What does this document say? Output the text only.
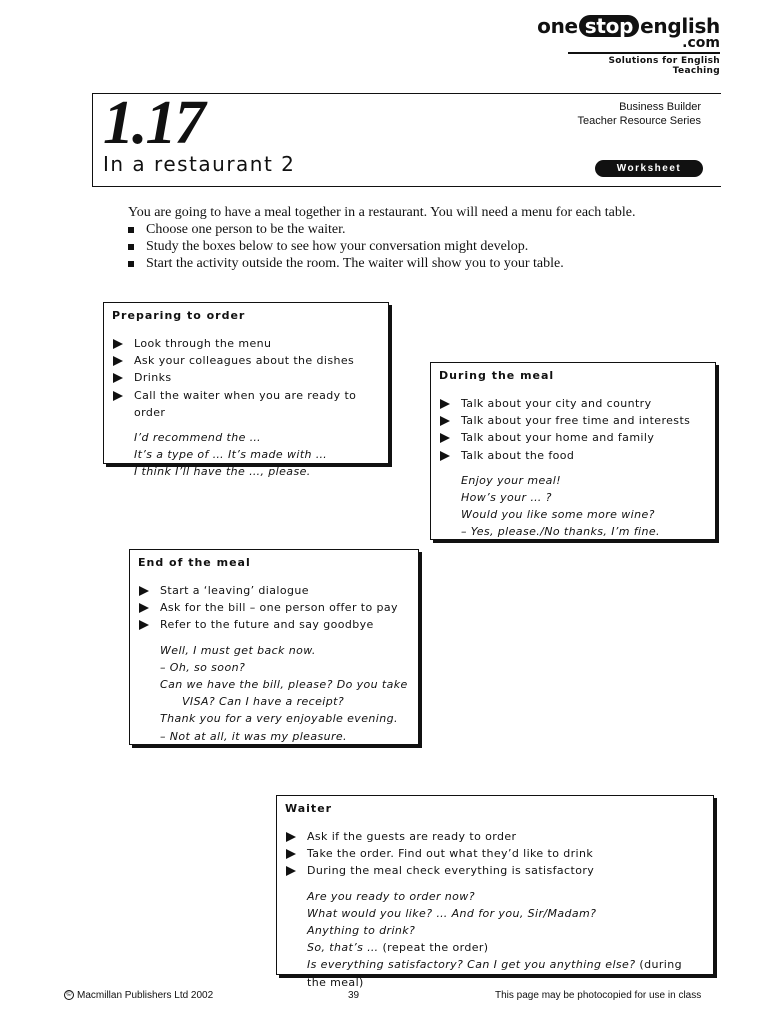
one stop english
.com
Solutions for English Teaching
1.17
In a restaurant 2
Business Builder
Teacher Resource Series
Worksheet
You are going to have a meal together in a restaurant. You will need a menu for each table.
Choose one person to be the waiter.
Study the boxes below to see how your conversation might develop.
Start the activity outside the room. The waiter will show you to your table.
Preparing to order
Look through the menu
Ask your colleagues about the dishes
Drinks
Call the waiter when you are ready to order
I’d recommend the …
It’s a type of … It’s made with …
I think I’ll have the …, please.
During the meal
Talk about your city and country
Talk about your free time and interests
Talk about your home and family
Talk about the food
Enjoy your meal!
How’s your … ?
Would you like some more wine?
– Yes, please./No thanks, I’m fine.
End of the meal
Start a ‘leaving’ dialogue
Ask for the bill – one person offer to pay
Refer to the future and say goodbye
Well, I must get back now.
– Oh, so soon?
Can we have the bill, please? Do you take
VISA? Can I have a receipt?
Thank you for a very enjoyable evening.
– Not at all, it was my pleasure.
Waiter
Ask if the guests are ready to order
Take the order. Find out what they’d like to drink
During the meal check everything is satisfactory
Are you ready to order now?
What would you like? … And for you, Sir/Madam?
Anything to drink?
So, that’s … (repeat the order)
Is everything satisfactory? Can I get you anything else? (during the meal)
© Macmillan Publishers Ltd 2002	39	This page may be photocopied for use in class
